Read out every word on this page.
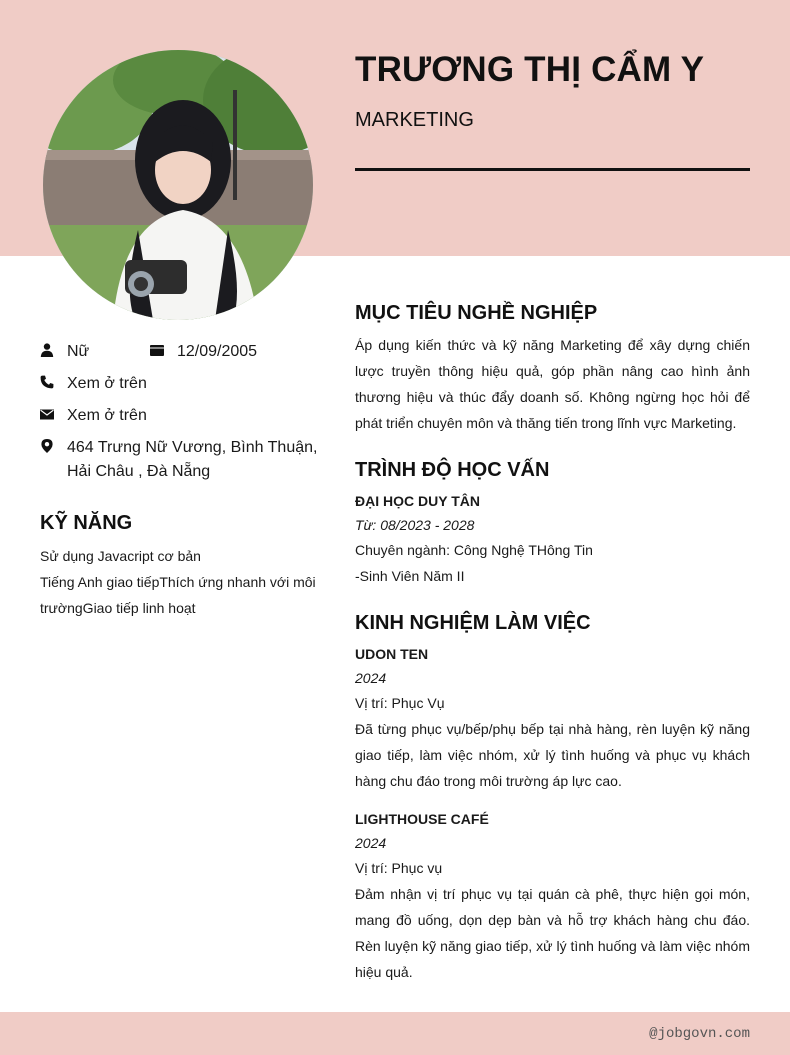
TRƯƠNG THỊ CẨM Y
MARKETING
Nữ	12/09/2005
Xem ở trên
Xem ở trên
464 Trưng Nữ Vương, Bình Thuận,
Hải Châu , Đà Nẵng
KỸ NĂNG
Sử dụng Javacript cơ bản
Tiếng Anh giao tiếpThích ứng nhanh với môi trườngGiao tiếp linh hoạt
MỤC TIÊU NGHỀ NGHIỆP
Áp dụng kiến thức và kỹ năng Marketing để xây dựng chiến lược truyền thông hiệu quả, góp phần nâng cao hình ảnh thương hiệu và thúc đẩy doanh số. Không ngừng học hỏi để phát triển chuyên môn và thăng tiến trong lĩnh vực Marketing.
TRÌNH ĐỘ HỌC VẤN
ĐẠI HỌC DUY TÂN
Từ: 08/2023 - 2028
Chuyên ngành: Công Nghệ THông Tin
-Sinh Viên Năm II
KINH NGHIỆM LÀM VIỆC
UDON TEN
2024
Vị trí: Phục Vụ
Đã từng phục vụ/bếp/phụ bếp tại nhà hàng, rèn luyện kỹ năng giao tiếp, làm việc nhóm, xử lý tình huống và phục vụ khách hàng chu đáo trong môi trường áp lực cao.
LIGHTHOUSE CAFÉ
2024
Vị trí: Phục vụ
Đảm nhận vị trí phục vụ tại quán cà phê, thực hiện gọi món, mang đồ uống, dọn dẹp bàn và hỗ trợ khách hàng chu đáo. Rèn luyện kỹ năng giao tiếp, xử lý tình huống và làm việc nhóm hiệu quả.
@jobgovn.com
